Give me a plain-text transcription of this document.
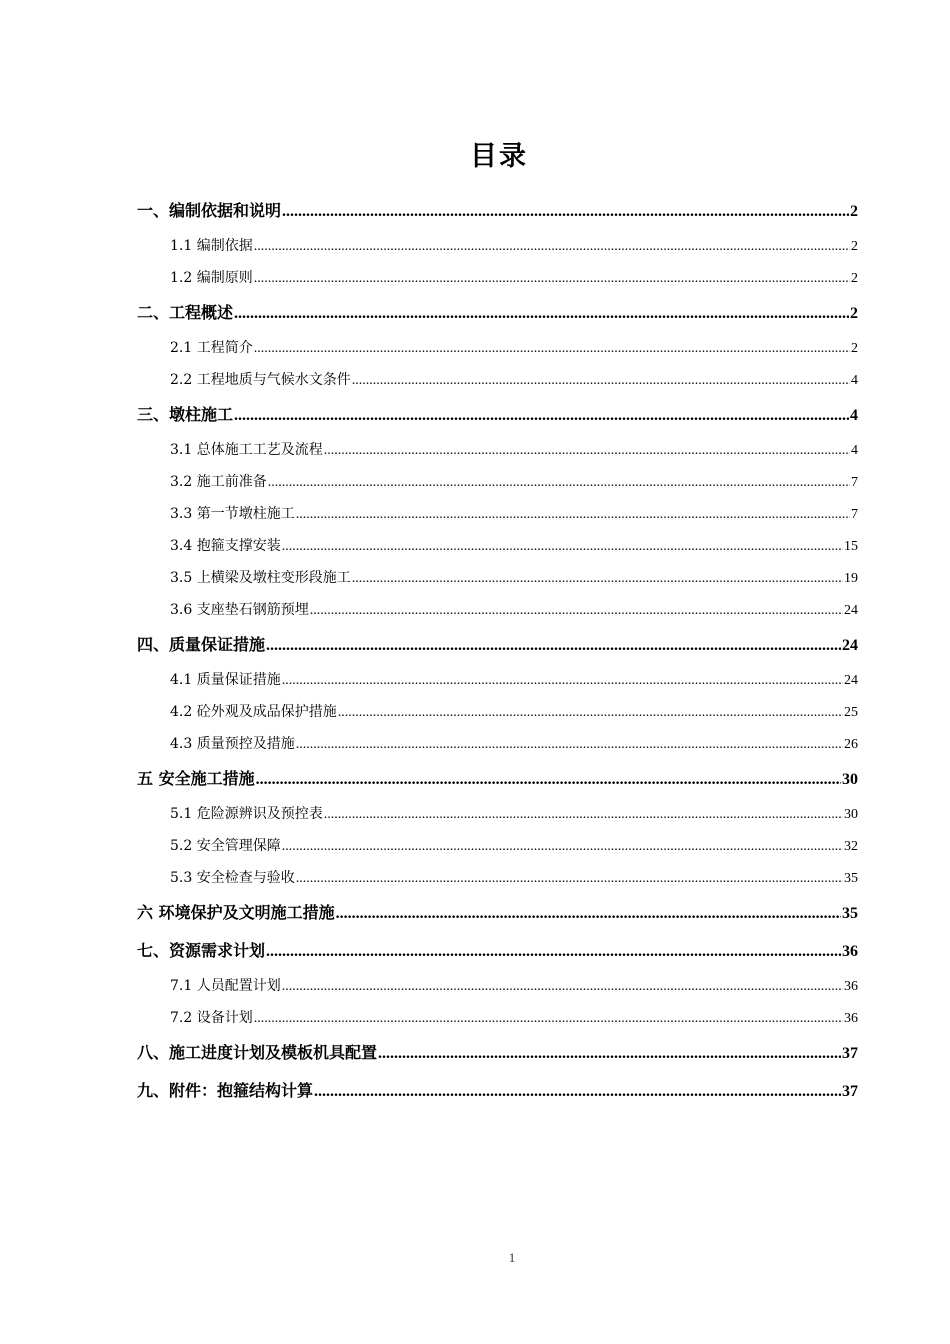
目录
一、编制依据和说明 .....	2
1.1 编制依据 .....	2
1.2 编制原则 .....	2
二、工程概述 .....	2
2.1 工程简介 .....	2
2.2 工程地质与气候水文条件 .....	4
三、墩柱施工 .....	4
3.1 总体施工工艺及流程 .....	4
3.2 施工前准备 .....	7
3.3 第一节墩柱施工 .....	7
3.4 抱箍支撑安装 .....	15
3.5 上横梁及墩柱变形段施工 .....	19
3.6 支座垫石钢筋预埋 .....	24
四、质量保证措施 .....	24
4.1 质量保证措施 .....	24
4.2 砼外观及成品保护措施 .....	25
4.3 质量预控及措施 .....	26
五 安全施工措施 .....	30
5.1 危险源辨识及预控表 .....	30
5.2 安全管理保障 .....	32
5.3 安全检查与验收 .....	35
六 环境保护及文明施工措施 .....	35
七、资源需求计划 .....	36
7.1 人员配置计划 .....	36
7.2 设备计划 .....	36
八、施工进度计划及模板机具配置 .....	37
九、附件：抱箍结构计算 .....	37
1
